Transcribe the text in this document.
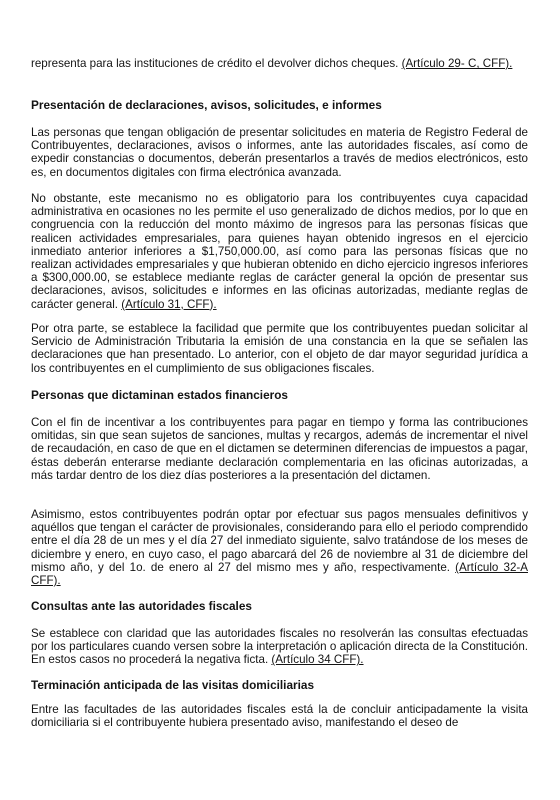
representa para las instituciones de crédito el devolver dichos cheques. (Artículo 29- C, CFF).

Presentación de declaraciones, avisos, solicitudes, e informes

Las personas que tengan obligación de presentar solicitudes en materia de Registro Federal de Contribuyentes, declaraciones, avisos o informes, ante las autoridades fiscales, así como de expedir constancias o documentos, deberán presentarlos a través de medios electrónicos, esto es, en documentos digitales con firma electrónica avanzada.

No obstante, este mecanismo no es obligatorio para los contribuyentes cuya capacidad administrativa en ocasiones no les permite el uso generalizado de dichos medios, por lo que en congruencia con la reducción del monto máximo de ingresos para las personas físicas que realicen actividades empresariales, para quienes hayan obtenido ingresos en el ejercicio inmediato anterior inferiores a $1,750,000.00, así como para las personas físicas que no realizan actividades empresariales y que hubieran obtenido en dicho ejercicio ingresos inferiores a $300,000.00, se establece mediante reglas de carácter general la opción de presentar sus declaraciones, avisos, solicitudes e informes en las oficinas autorizadas, mediante reglas de carácter general. (Artículo 31, CFF).

Por otra parte, se establece la facilidad que permite que los contribuyentes puedan solicitar al Servicio de Administración Tributaria la emisión de una constancia en la que se señalen las declaraciones que han presentado. Lo anterior, con el objeto de dar mayor seguridad jurídica a los contribuyentes en el cumplimiento de sus obligaciones fiscales.

Personas que dictaminan estados financieros

Con el fin de incentivar a los contribuyentes para pagar en tiempo y forma las contribuciones omitidas, sin que sean sujetos de sanciones, multas y recargos, además de incrementar el nivel de recaudación, en caso de que en el dictamen se determinen diferencias de impuestos a pagar, éstas deberán enterarse mediante declaración complementaria en las oficinas autorizadas, a más tardar dentro de los diez días posteriores a la presentación del dictamen.

Asimismo, estos contribuyentes podrán optar por efectuar sus pagos mensuales definitivos y aquéllos que tengan el carácter de provisionales, considerando para ello el periodo comprendido entre el día 28 de un mes y el día 27 del inmediato siguiente, salvo tratándose de los meses de diciembre y enero, en cuyo caso, el pago abarcará del 26 de noviembre al 31 de diciembre del mismo año, y del 1o. de enero al 27 del mismo mes y año, respectivamente. (Artículo 32-A CFF).

Consultas ante las autoridades fiscales

Se establece con claridad que las autoridades fiscales no resolverán las consultas efectuadas por los particulares cuando versen sobre la interpretación o aplicación directa de la Constitución. En estos casos no procederá la negativa ficta. (Artículo 34 CFF).

Terminación anticipada de las visitas domiciliarias

Entre las facultades de las autoridades fiscales está la de concluir anticipadamente la visita domiciliaria si el contribuyente hubiera presentado aviso, manifestando el deseo de
